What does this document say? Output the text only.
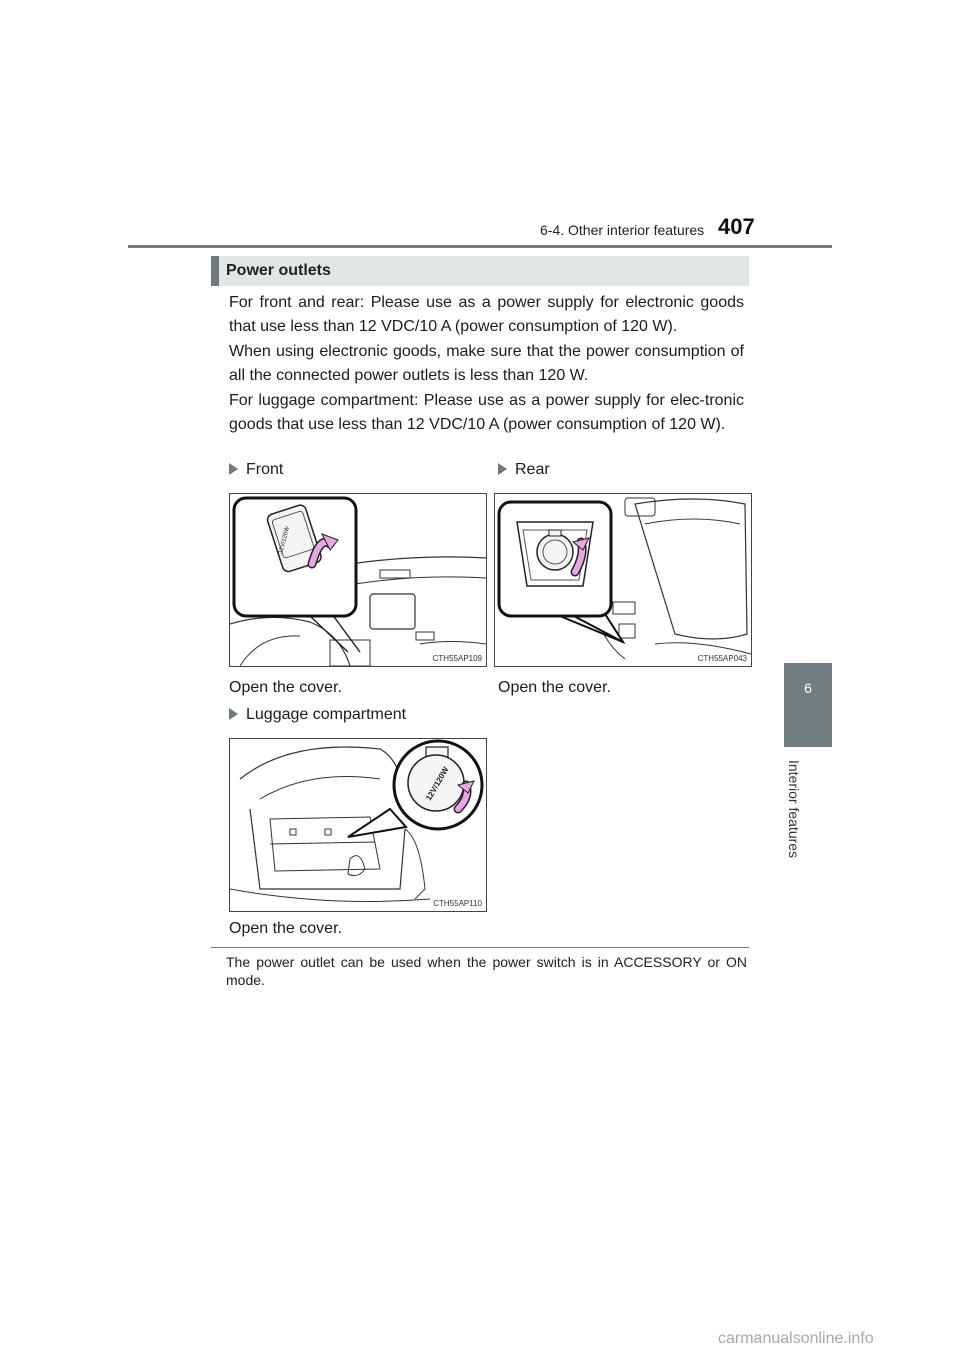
6-4. Other interior features 407
6
Interior features
Power outlets
For front and rear: Please use as a power supply for electronic goods that use less than 12 VDC/10 A (power consumption of 120 W).
When using electronic goods, make sure that the power consumption of all the connected power outlets is less than 120 W.
For luggage compartment: Please use as a power supply for elec-tronic goods that use less than 12 VDC/10 A (power consumption of 120 W).
Front
12V/120W
CTH55AP109
Open the cover.
Rear
CTH55AP043
Open the cover.
Luggage compartment
12V/120W
CTH55AP110
Open the cover.
The power outlet can be used when the power switch is in ACCESSORY or ON mode.
carmanualsonline.info
